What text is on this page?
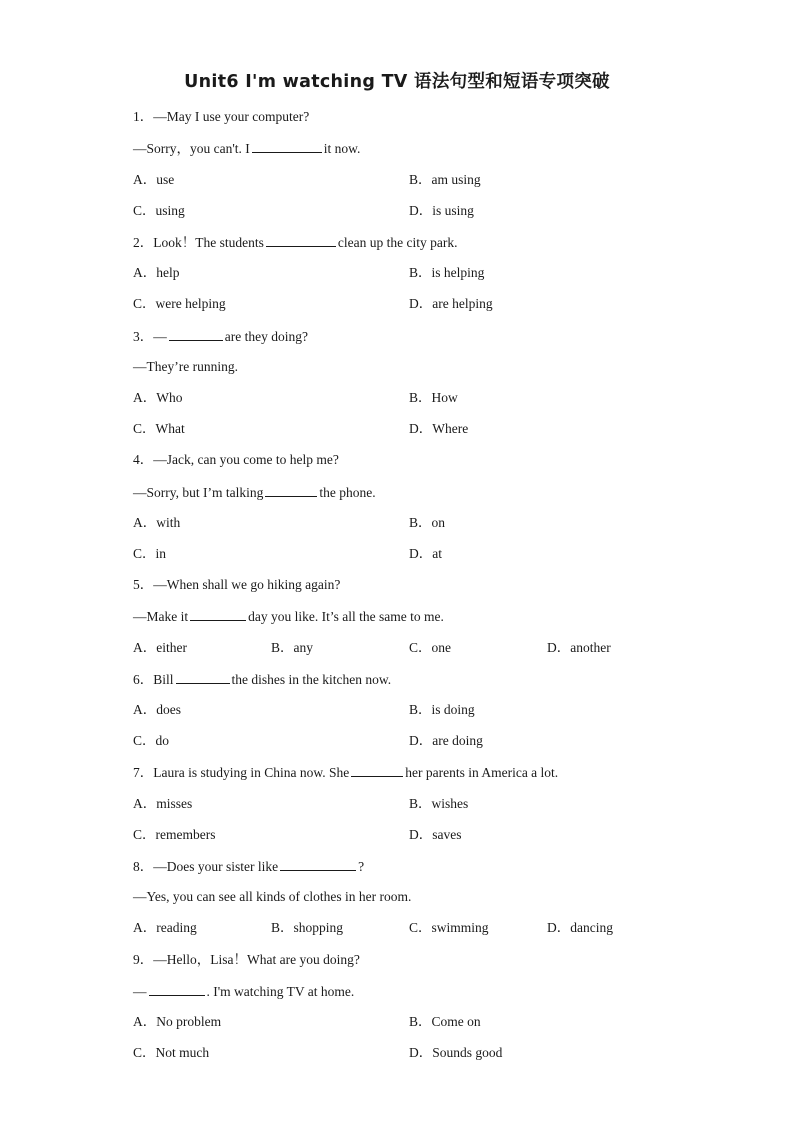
Unit6 I'm watching TV 语法句型和短语专项突破
1．—May I use your computer?
—Sorry，you can't. I	it now.
A．use	B．am using
C．using	D．is using
2．Look！The students	clean up the city park.
A．help	B．is helping
C．were helping	D．are helping
3．—	are they doing?
—They’re running.
A．Who	B．How
C．What	D．Where
4．—Jack, can you come to help me?
—Sorry, but I’m talking	the phone.
A．with	B．on
C．in	D．at
5．—When shall we go hiking again?
—Make it	day you like. It’s all the same to me.
A．either	B．any	C．one	D．another
6．Bill	the dishes in the kitchen now.
A．does	B．is doing
C．do	D．are doing
7．Laura is studying in China now. She	her parents in America a lot.
A．misses	B．wishes
C．remembers	D．saves
8．—Does your sister like	?
—Yes, you can see all kinds of clothes in her room.
A．reading	B．shopping	C．swimming	D．dancing
9．—Hello，Lisa！What are you doing?
—	. I'm watching TV at home.
A．No problem	B．Come on
C．Not much	D．Sounds good
